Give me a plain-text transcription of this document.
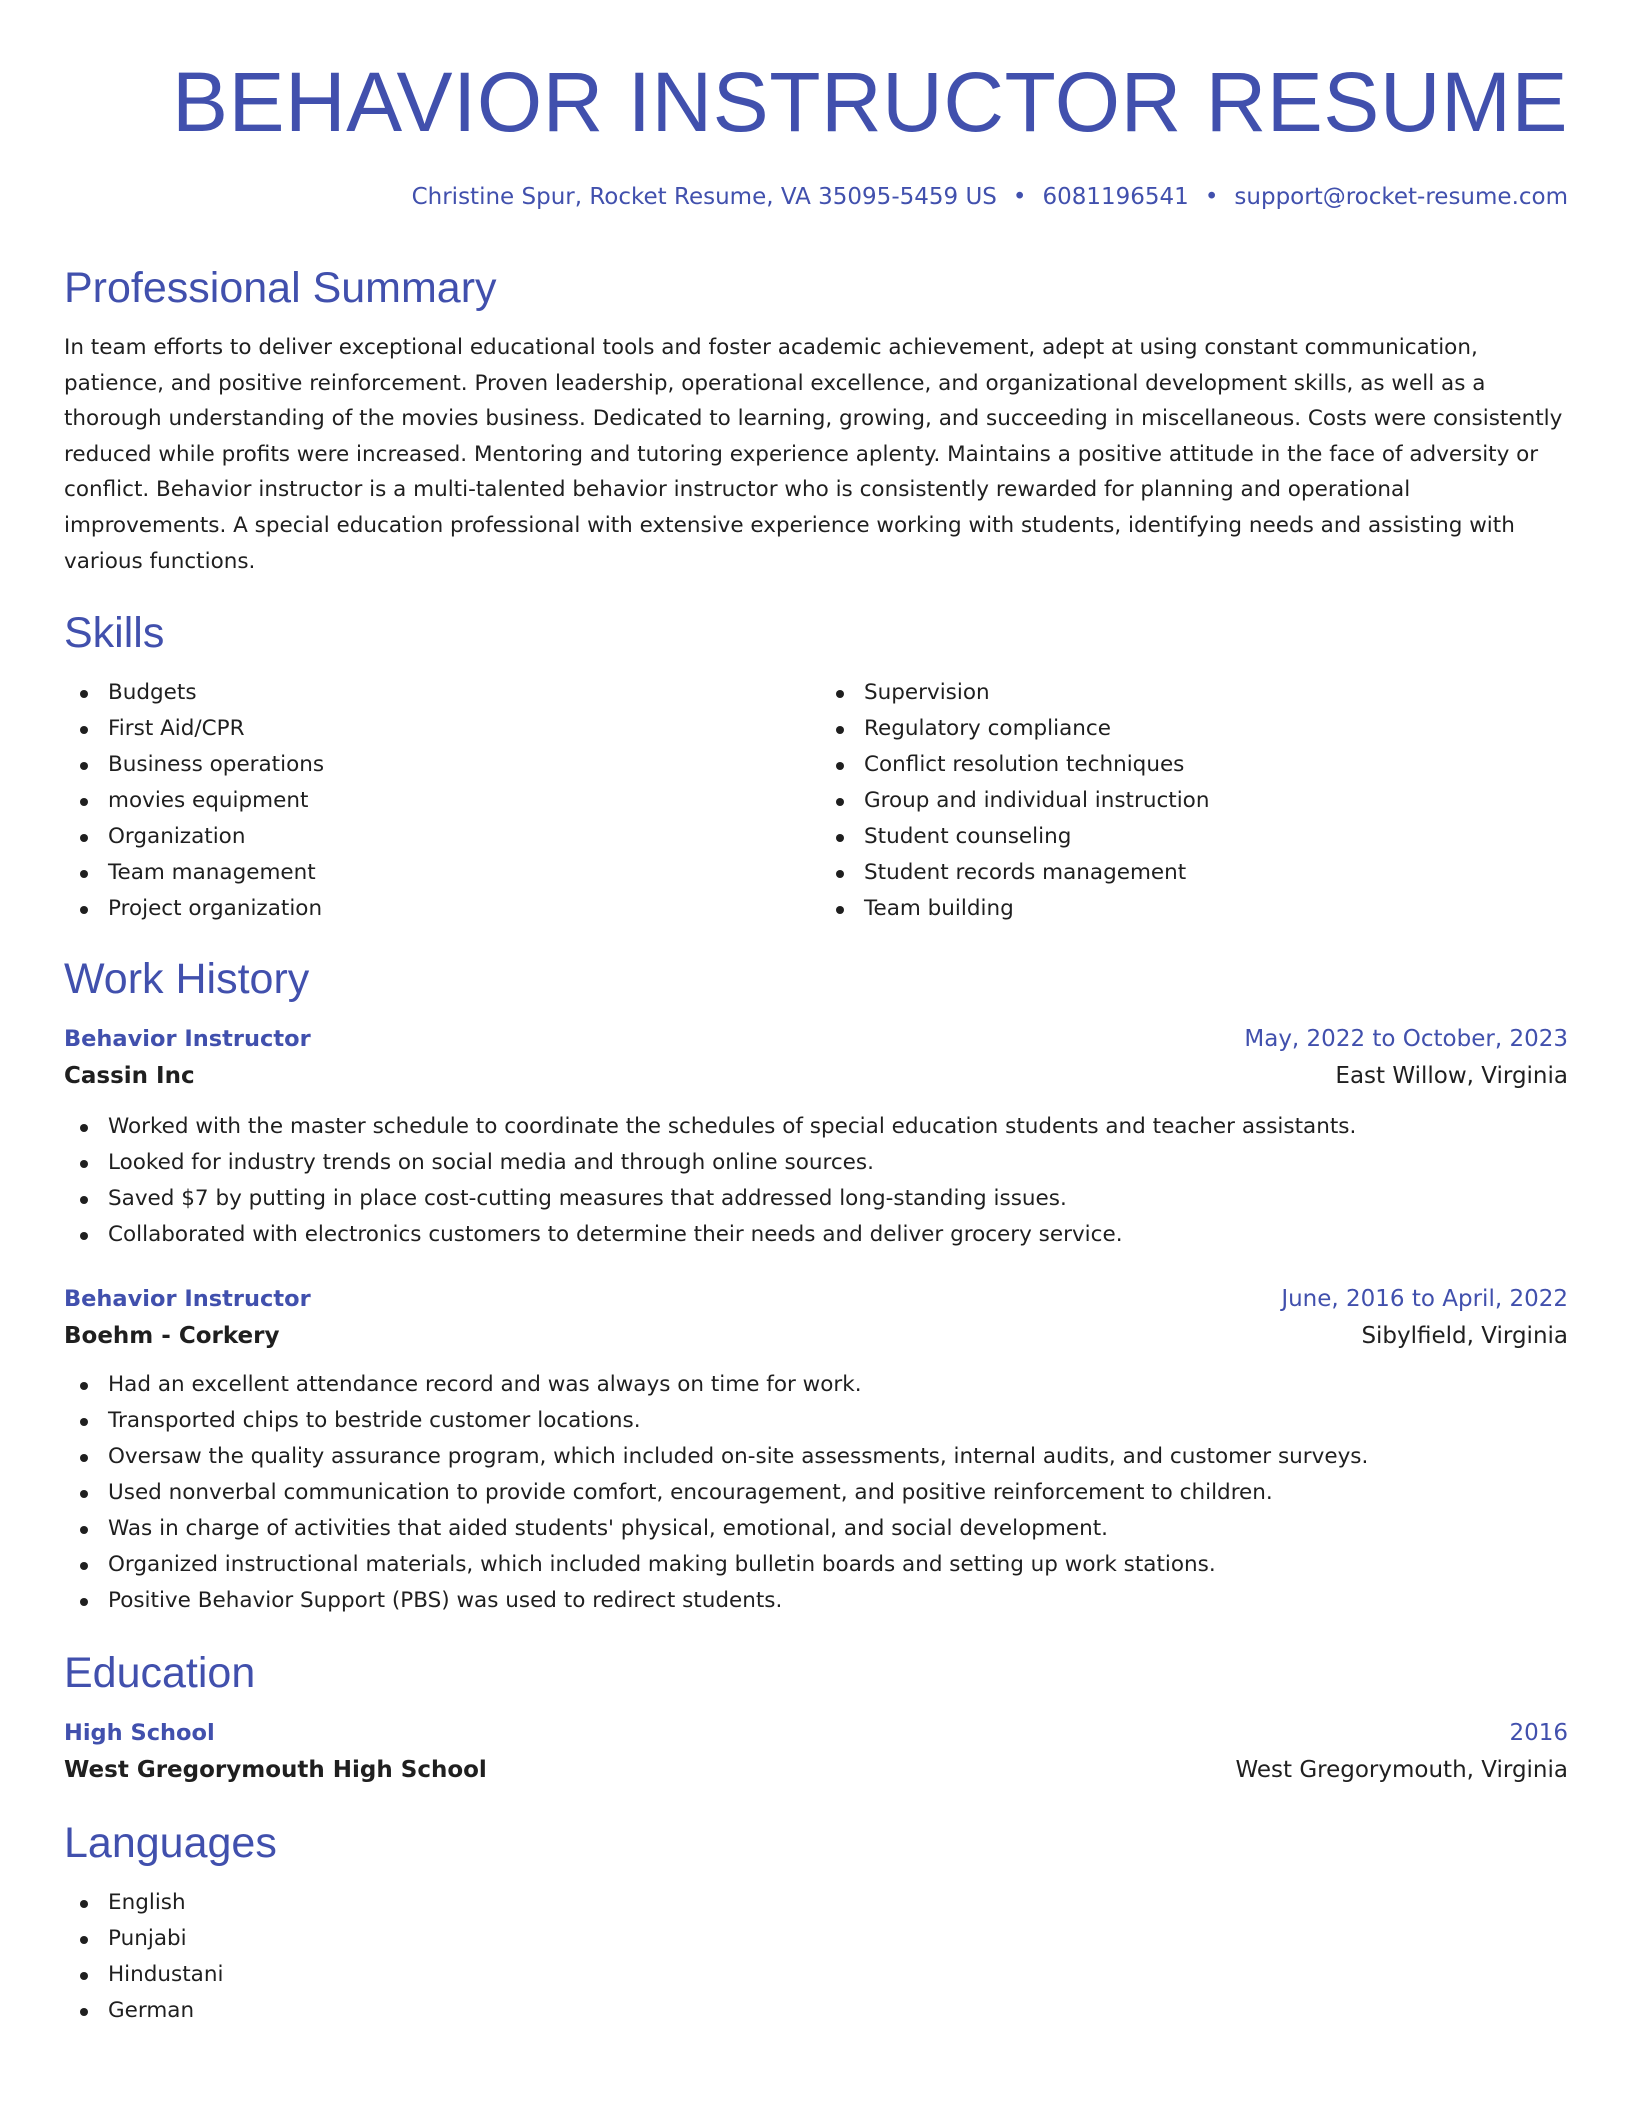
BEHAVIOR INSTRUCTOR RESUME
Christine Spur, Rocket Resume, VA 35095-5459 US • 6081196541 • support@rocket-resume.com
Professional Summary

In team efforts to deliver exceptional educational tools and foster academic achievement, adept at using constant communication, patience, and positive reinforcement. Proven leadership, operational excellence, and organizational development skills, as well as a thorough understanding of the movies business. Dedicated to learning, growing, and succeeding in miscellaneous. Costs were consistently reduced while profits were increased. Mentoring and tutoring experience aplenty. Maintains a positive attitude in the face of adversity or conflict. Behavior instructor is a multi-talented behavior instructor who is consistently rewarded for planning and operational improvements. A special education professional with extensive experience working with students, identifying needs and assisting with various functions.

Skills
Budgets
First Aid/CPR
Business operations
movies equipment
Organization
Team management
Project organization
Supervision
Regulatory compliance
Conflict resolution techniques
Group and individual instruction
Student counseling
Student records management
Team building
Work History
Behavior Instructor	May, 2022 to October, 2023
Cassin Inc	East Willow, Virginia
Worked with the master schedule to coordinate the schedules of special education students and teacher assistants.
Looked for industry trends on social media and through online sources.
Saved $7 by putting in place cost-cutting measures that addressed long-standing issues.
Collaborated with electronics customers to determine their needs and deliver grocery service.
Behavior Instructor	June, 2016 to April, 2022
Boehm - Corkery	Sibylfield, Virginia
Had an excellent attendance record and was always on time for work.
Transported chips to bestride customer locations.
Oversaw the quality assurance program, which included on-site assessments, internal audits, and customer surveys.
Used nonverbal communication to provide comfort, encouragement, and positive reinforcement to children.
Was in charge of activities that aided students' physical, emotional, and social development.
Organized instructional materials, which included making bulletin boards and setting up work stations.
Positive Behavior Support (PBS) was used to redirect students.
Education
High School	2016
West Gregorymouth High School	West Gregorymouth, Virginia
Languages
English
Punjabi
Hindustani
German
